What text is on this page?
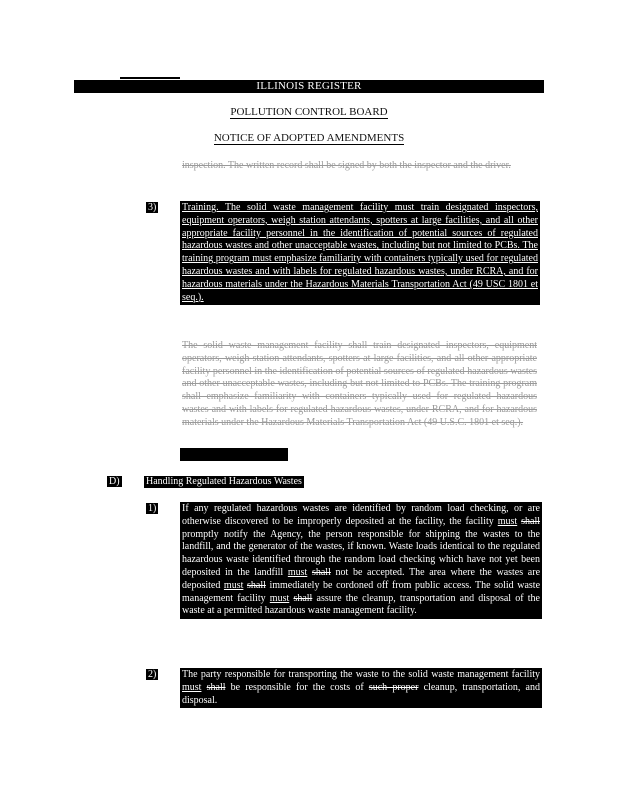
ILLINOIS REGISTER
POLLUTION CONTROL BOARD
NOTICE OF ADOPTED AMENDMENTS
inspection. The written record shall be signed by both the inspector and the driver.
3)	Training. The solid waste management facility must train designated inspectors, equipment operators, weigh station attendants, spotters at large facilities, and all other appropriate facility personnel in the identification of potential sources of regulated hazardous wastes and other unacceptable wastes, including but not limited to PCBs. The training program must emphasize familiarity with containers typically used for regulated hazardous wastes and with labels for regulated hazardous wastes, under RCRA, and for hazardous materials under the Hazardous Materials Transportation Act (49 USC 1801 et seq.).
The solid waste management facility shall train designated inspectors, equipment operators, weigh station attendants, spotters at large facilities, and all other appropriate facility personnel in the identification of potential sources of regulated hazardous wastes and other unacceptable wastes, including but not limited to PCBs. The training program shall emphasize familiarity with containers typically used for regulated hazardous wastes and with labels for regulated hazardous wastes, under RCRA, and for hazardous materials under the Hazardous Materials Transportation Act (49 U.S.C. 1801 et seq.).
D)	Handling Regulated Hazardous Wastes
1)	If any regulated hazardous wastes are identified by random load checking, or are otherwise discovered to be improperly deposited at the facility, the facility must shall promptly notify the Agency, the person responsible for shipping the wastes to the landfill, and the generator of the wastes, if known. Waste loads identical to the regulated hazardous waste identified through the random load checking which have not yet been deposited in the landfill must shall not be accepted. The area where the wastes are deposited must shall immediately be cordoned off from public access. The solid waste management facility must shall assure the cleanup, transportation and disposal of the waste at a permitted hazardous waste management facility.
2)	The party responsible for transporting the waste to the solid waste management facility must shall be responsible for the costs of such proper cleanup, transportation, and disposal.
